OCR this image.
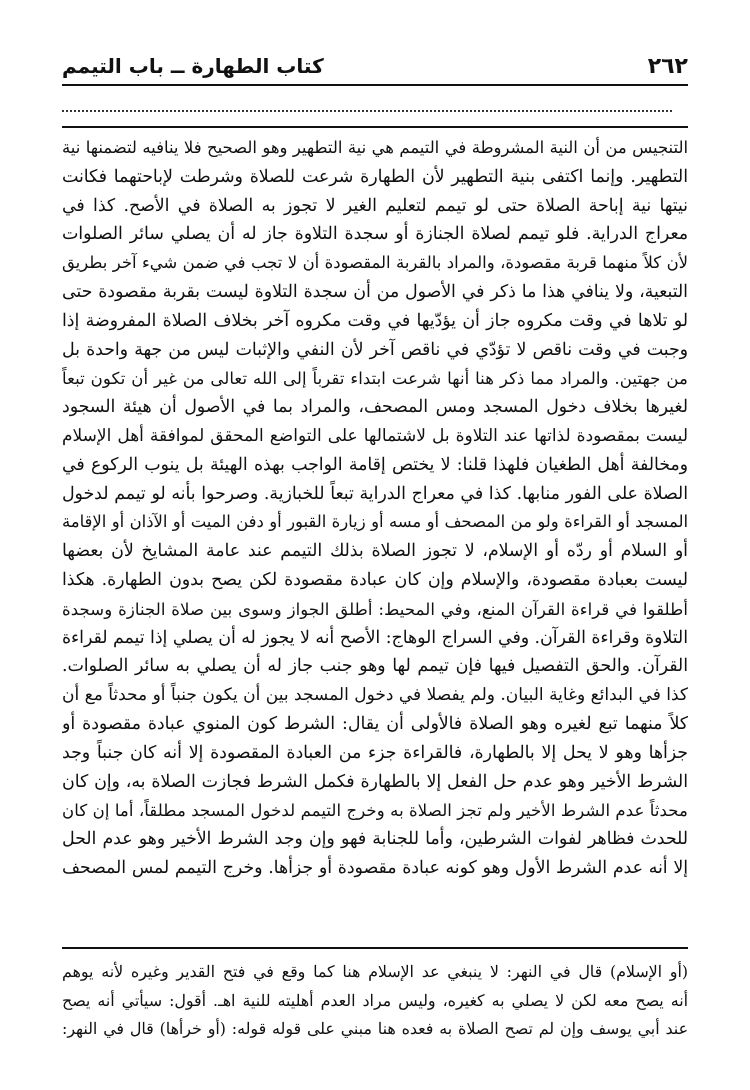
٢٦٢
كتاب الطهارة ــ باب التيمم
التنجيس من أن النية المشروطة في التيمم هي نية التطهير وهو الصحيح فلا ينافيه لتضمنها نية
التطهير. وإنما اكتفى بنية التطهير لأن الطهارة شرعت للصلاة وشرطت لإباحتهما فكانت
نيتها نية إباحة الصلاة حتى لو تيمم لتعليم الغير لا تجوز به الصلاة في الأصح. كذا في
معراج الدراية. فلو تيمم لصلاة الجنازة أو سجدة التلاوة جاز له أن يصلي سائر الصلوات
لأن كلاً منهما قربة مقصودة، والمراد بالقربة المقصودة أن لا تجب في ضمن شيء آخر بطريق
التبعية، ولا ينافي هذا ما ذكر في الأصول من أن سجدة التلاوة ليست بقربة مقصودة حتى
لو تلاها في وقت مكروه جاز أن يؤدّيها في وقت مكروه آخر بخلاف الصلاة المفروضة إذا
وجبت في وقت ناقص لا تؤدّي في ناقص آخر لأن النفي والإثبات ليس من جهة واحدة بل
من جهتين. والمراد مما ذكر هنا أنها شرعت ابتداء تقرباً إلى الله تعالى من غير أن تكون تبعاً
لغيرها بخلاف دخول المسجد ومس المصحف، والمراد بما في الأصول أن هيئة السجود
ليست بمقصودة لذاتها عند التلاوة بل لاشتمالها على التواضع المحقق لموافقة أهل الإسلام
ومخالفة أهل الطغيان فلهذا قلنا: لا يختص إقامة الواجب بهذه الهيئة بل ينوب الركوع في
الصلاة على الفور منابها. كذا في معراج الدراية تبعاً للخبازية. وصرحوا بأنه لو تيمم لدخول
المسجد أو القراءة ولو من المصحف أو مسه أو زيارة القبور أو دفن الميت أو الآذان أو الإقامة
أو السلام أو ردّه أو الإسلام، لا تجوز الصلاة بذلك التيمم عند عامة المشايخ لأن بعضها
ليست بعبادة مقصودة، والإسلام وإن كان عبادة مقصودة لكن يصح بدون الطهارة. هكذا
أطلقوا في قراءة القرآن المنع، وفي المحيط: أطلق الجواز وسوى بين صلاة الجنازة وسجدة
التلاوة وقراءة القرآن. وفي السراج الوهاج: الأصح أنه لا يجوز له أن يصلي إذا تيمم لقراءة
القرآن. والحق التفصيل فيها فإن تيمم لها وهو جنب جاز له أن يصلي به سائر الصلوات.
كذا في البدائع وغاية البيان. ولم يفصلا في دخول المسجد بين أن يكون جنباً أو محدثاً مع أن
كلاً منهما تبع لغيره وهو الصلاة فالأولى أن يقال: الشرط كون المنوي عبادة مقصودة أو
جزأها وهو لا يحل إلا بالطهارة، فالقراءة جزء من العبادة المقصودة إلا أنه كان جنباً وجد
الشرط الأخير وهو عدم حل الفعل إلا بالطهارة فكمل الشرط فجازت الصلاة به، وإن كان
محدثاً عدم الشرط الأخير ولم تجز الصلاة به وخرج التيمم لدخول المسجد مطلقاً، أما إن كان
للحدث فظاهر لفوات الشرطين، وأما للجنابة فهو وإن وجد الشرط الأخير وهو عدم الحل
إلا أنه عدم الشرط الأول وهو كونه عبادة مقصودة أو جزأها. وخرج التيمم لمس المصحف
(أو الإسلام) قال في النهر: لا ينبغي عد الإسلام هنا كما وقع في فتح القدير وغيره لأنه يوهم
أنه يصح معه لكن لا يصلي به كغيره، وليس مراد العدم أهليته للنية اهـ. أقول: سيأتي أنه يصح
عند أبي يوسف وإن لم تصح الصلاة به فعده هنا مبني على قوله قوله: (أو خرأها) قال في النهر:
